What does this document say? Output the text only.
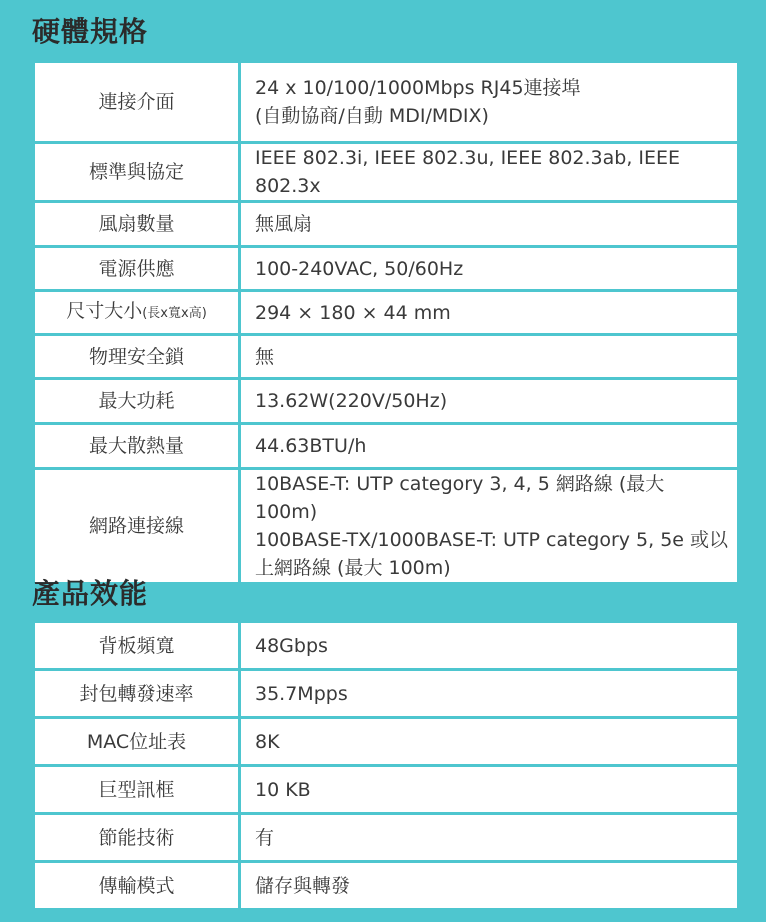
硬體規格
連接介面	24 x 10/100/1000Mbps RJ45連接埠
(自動協商/自動 MDI/MDIX)

標準與協定	IEEE 802.3i, IEEE 802.3u, IEEE 802.3ab, IEEE 802.3x
風扇數量	無風扇
電源供應	100-240VAC, 50/60Hz
尺寸大小(長x寬x高)	294 × 180 × 44 mm
物理安全鎖	無
最大功耗	13.62W(220V/50Hz)
最大散熱量	44.63BTU/h
網路連接線	10BASE-T: UTP category 3, 4, 5 網路線 (最大 100m)
100BASE-TX/1000BASE-T: UTP category 5, 5e 或以
上網路線 (最大 100m)
產品效能
背板頻寬	48Gbps
封包轉發速率	35.7Mpps
MAC位址表	8K
巨型訊框	10 KB
節能技術	有
傳輸模式	儲存與轉發
